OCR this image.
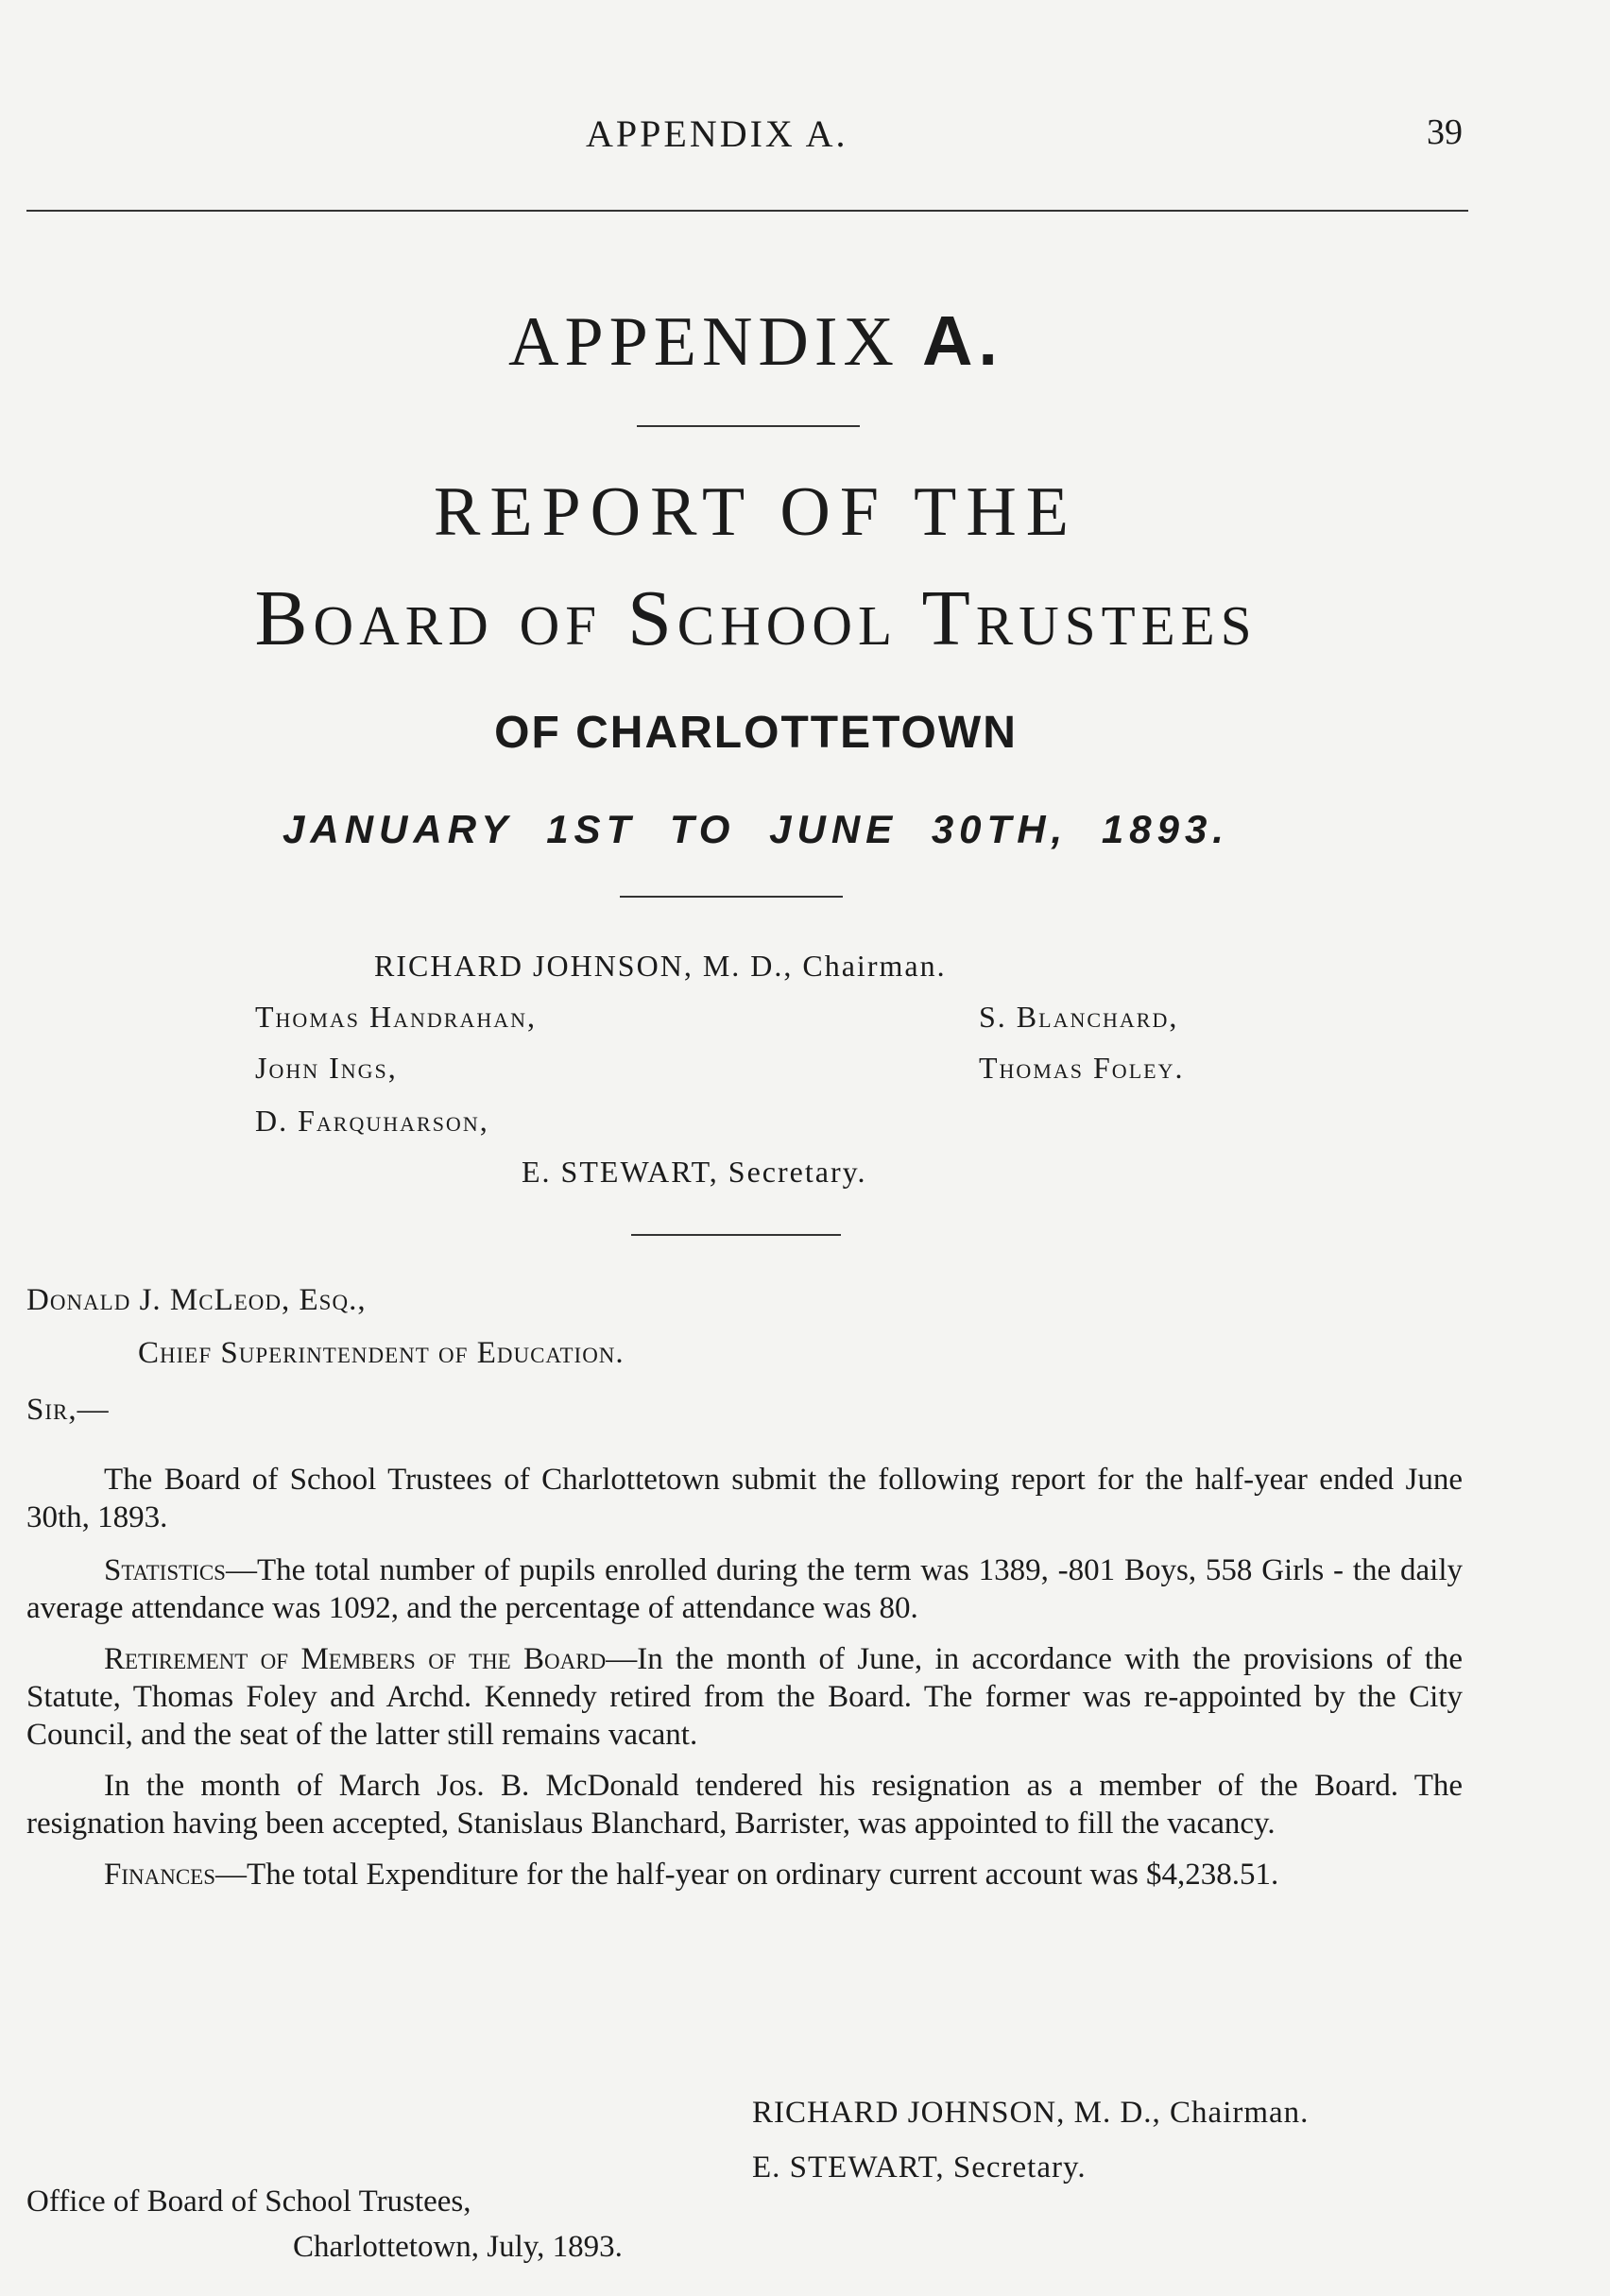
APPENDIX A.	39
APPENDIX A.
REPORT OF THE
Board of School Trustees
OF CHARLOTTETOWN
JANUARY 1ST TO JUNE 30TH, 1893.
RICHARD JOHNSON, M. D., Chairman.
Thomas Handrahan,	S. Blanchard,
John Ings,	Thomas Foley.
D. Farquharson,
E. STEWART, Secretary.
Donald J. McLeod, Esq.,
Chief Superintendent of Education.
Sir,—

The Board of School Trustees of Charlottetown submit the following report for the half-year ended June 30th, 1893.

Statistics—The total number of pupils enrolled during the term was 1389, -801 Boys, 558 Girls - the daily average attendance was 1092, and the percentage of attendance was 80.

Retirement of Members of the Board—In the month of June, in accordance with the provisions of the Statute, Thomas Foley and Archd. Kennedy retired from the Board. The former was re-appointed by the City Council, and the seat of the latter still remains vacant.

In the month of March Jos. B. McDonald tendered his resignation as a member of the Board. The resignation having been accepted, Stanislaus Blanchard, Barrister, was appointed to fill the vacancy.

Finances—The total Expenditure for the half-year on ordinary current account was $4,238.51.

RICHARD JOHNSON, M. D., Chairman.
E. STEWART, Secretary.
Office of Board of School Trustees,
Charlottetown, July, 1893.
